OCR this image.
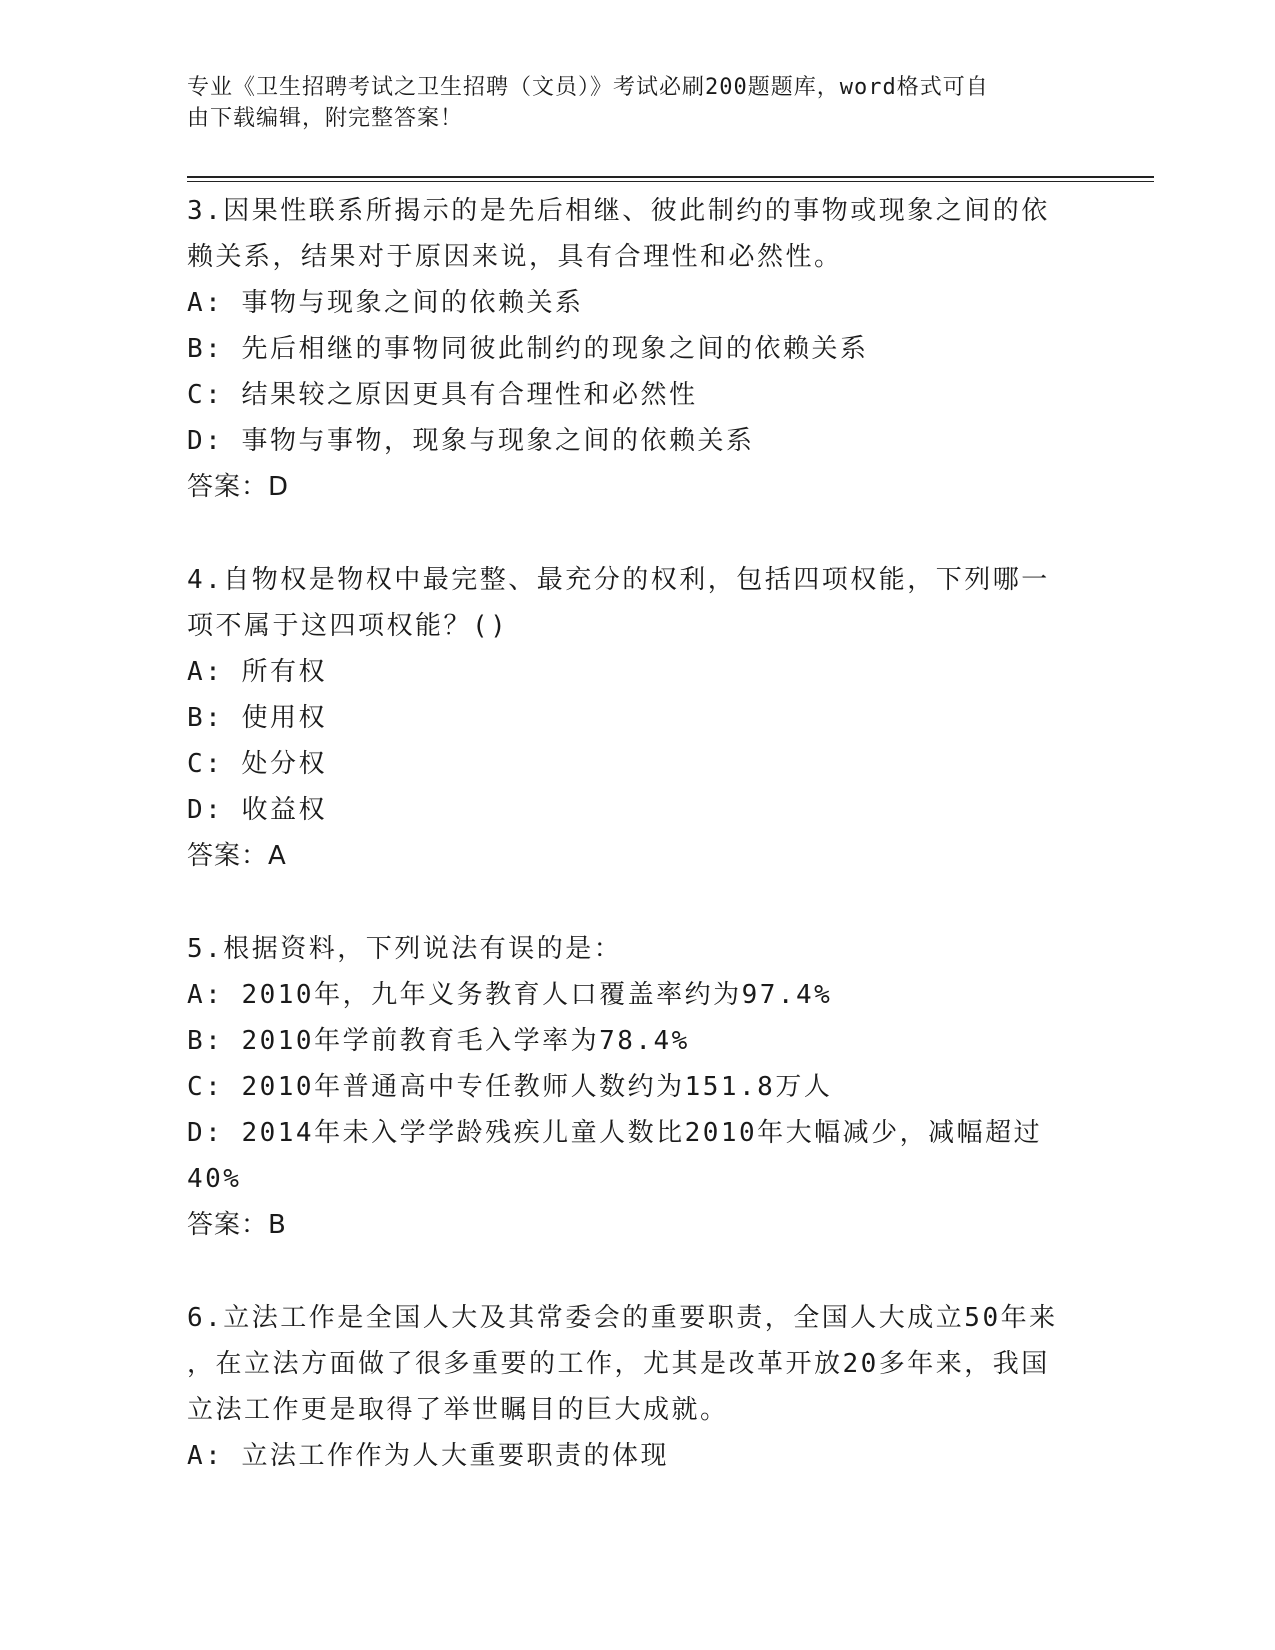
专业《卫生招聘考试之卫生招聘（文员）》考试必刷200题题库，word格式可自
由下载编辑，附完整答案！
3.因果性联系所揭示的是先后相继、彼此制约的事物或现象之间的依
赖关系，结果对于原因来说，具有合理性和必然性。
A: 事物与现象之间的依赖关系
B: 先后相继的事物同彼此制约的现象之间的依赖关系
C: 结果较之原因更具有合理性和必然性
D: 事物与事物，现象与现象之间的依赖关系
答案：D
4.自物权是物权中最完整、最充分的权利，包括四项权能，下列哪一
项不属于这四项权能？()
A: 所有权
B: 使用权
C: 处分权
D: 收益权
答案：A
5.根据资料，下列说法有误的是：
A: 2010年，九年义务教育人口覆盖率约为97.4%
B: 2010年学前教育毛入学率为78.4%
C: 2010年普通高中专任教师人数约为151.8万人
D: 2014年未入学学龄残疾儿童人数比2010年大幅减少，减幅超过
40%
答案：B
6.立法工作是全国人大及其常委会的重要职责，全国人大成立50年来
，在立法方面做了很多重要的工作，尤其是改革开放20多年来，我国
立法工作更是取得了举世瞩目的巨大成就。
A: 立法工作作为人大重要职责的体现
